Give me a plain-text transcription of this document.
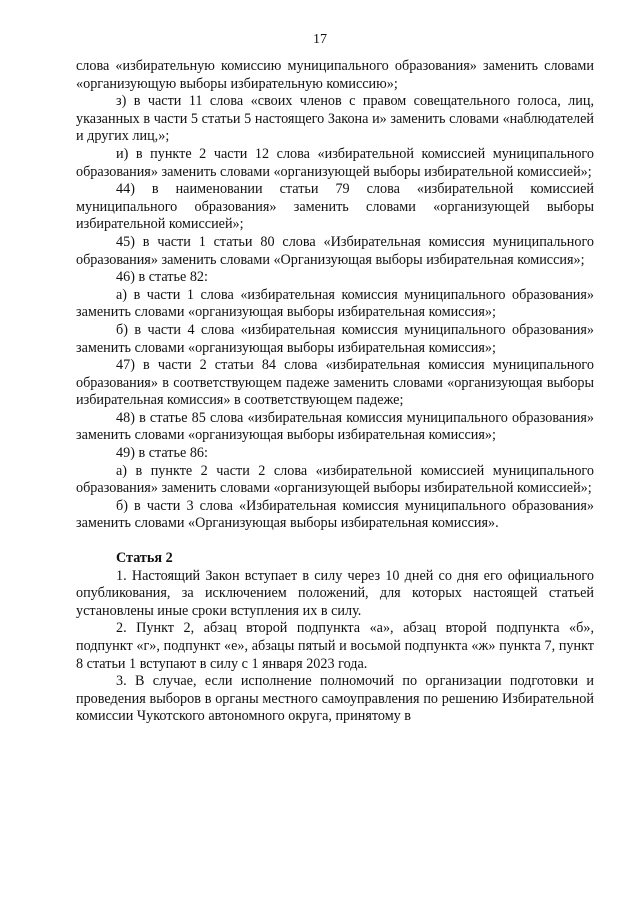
17

слова «избирательную комиссию муниципального образования» заменить словами «организующую выборы избирательную комиссию»;

з) в части 11 слова «своих членов с правом совещательного голоса, лиц, указанных в части 5 статьи 5 настоящего Закона и» заменить словами «наблюдателей и других лиц,»;

и) в пункте 2 части 12 слова «избирательной комиссией муниципального образования» заменить словами «организующей выборы избирательной комиссией»;

44) в наименовании статьи 79 слова «избирательной комиссией муниципального образования» заменить словами «организующей выборы избирательной комиссией»;

45) в части 1 статьи 80 слова «Избирательная комиссия муниципального образования» заменить словами «Организующая выборы избирательная комиссия»;

46) в статье 82:

а) в части 1 слова «избирательная комиссия муниципального образования» заменить словами «организующая выборы избирательная комиссия»;

б) в части 4 слова «избирательная комиссия муниципального образования» заменить словами «организующая выборы избирательная комиссия»;

47) в части 2 статьи 84 слова «избирательная комиссия муниципального образования» в соответствующем падеже заменить словами «организующая выборы избирательная комиссия» в соответствующем падеже;

48) в статье 85 слова «избирательная комиссия муниципального образования» заменить словами «организующая выборы избирательная комиссия»;

49) в статье 86:

а) в пункте 2 части 2 слова «избирательной комиссией муниципального образования» заменить словами «организующей выборы избирательной комиссией»;

б) в части 3 слова «Избирательная комиссия муниципального образования» заменить словами «Организующая выборы избирательная комиссия».

Статья 2

1. Настоящий Закон вступает в силу через 10 дней со дня его официального опубликования, за исключением положений, для которых настоящей статьей установлены иные сроки вступления их в силу.

2. Пункт 2, абзац второй подпункта «а», абзац второй подпункта «б», подпункт «г», подпункт «е», абзацы пятый и восьмой подпункта «ж» пункта 7, пункт 8 статьи 1 вступают в силу с 1 января 2023 года.

3. В случае, если исполнение полномочий по организации подготовки и проведения выборов в органы местного самоуправления по решению Избирательной комиссии Чукотского автономного округа, принятому в
